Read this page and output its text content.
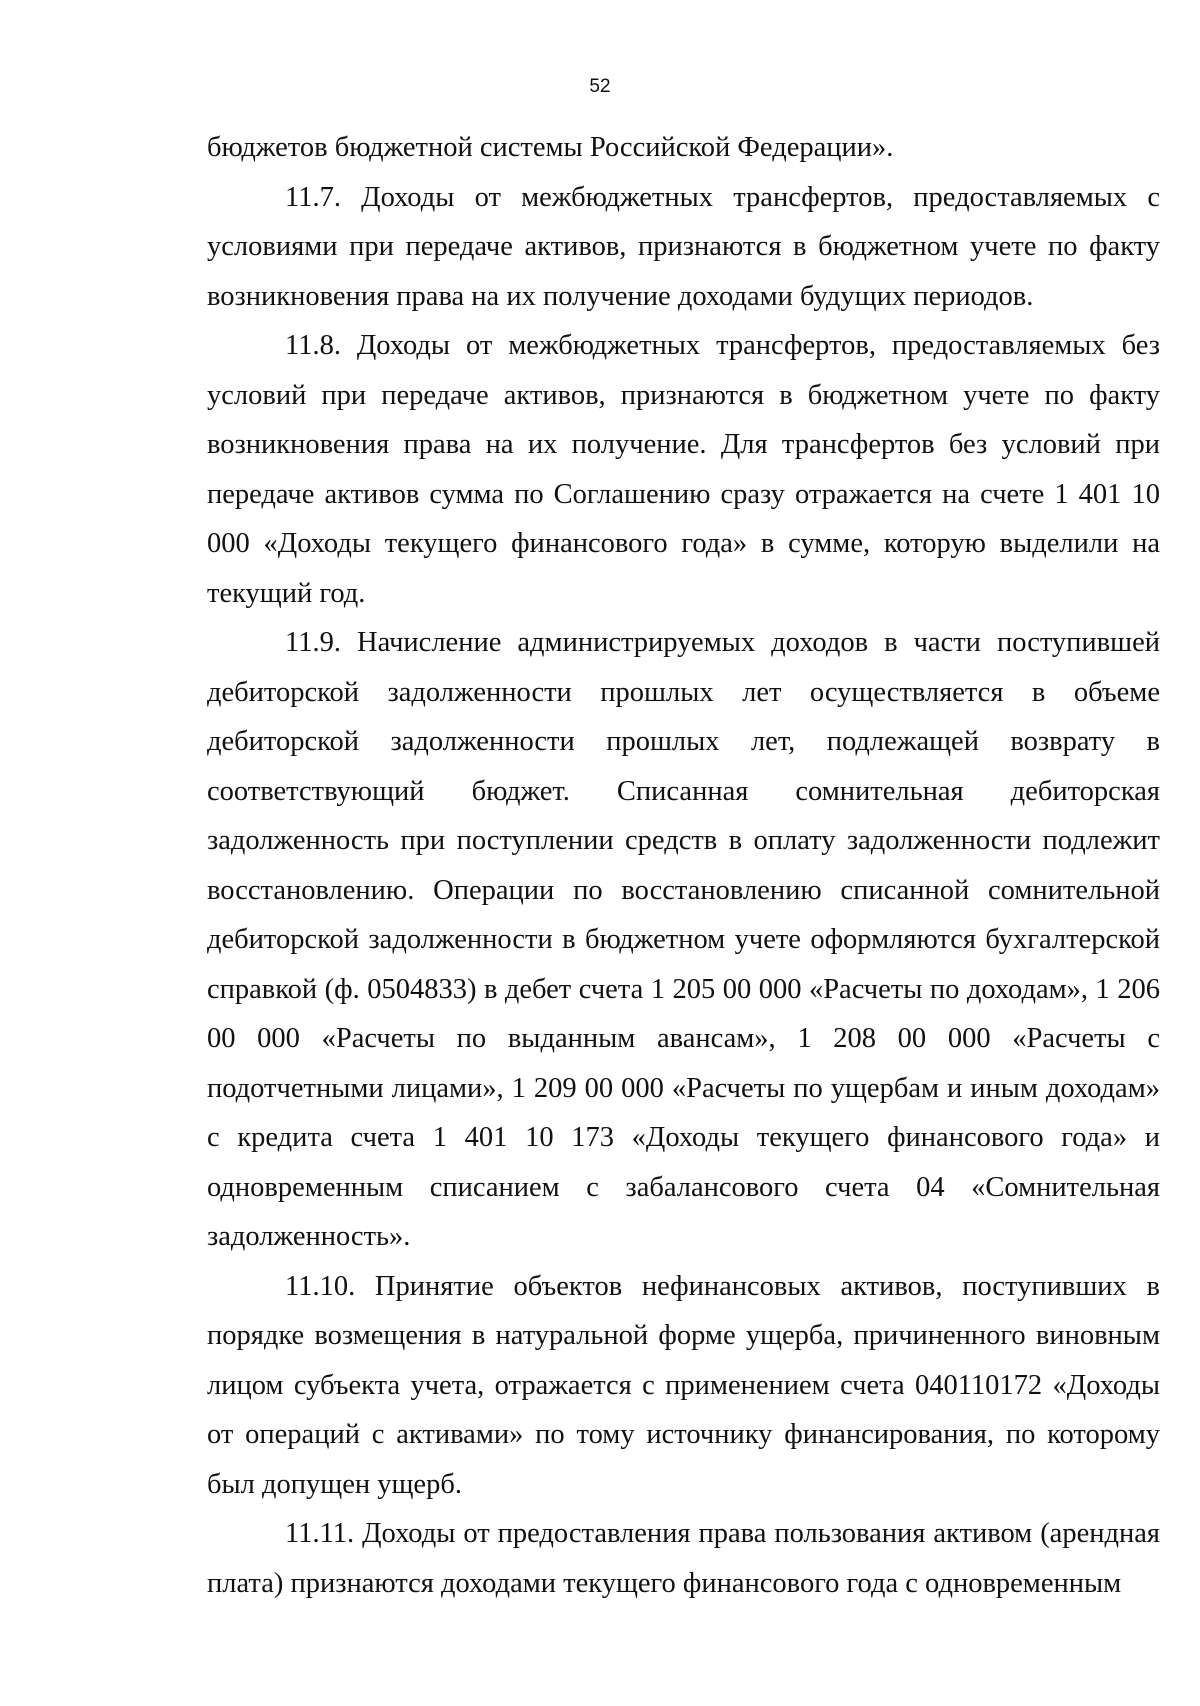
52

бюджетов бюджетной системы Российской Федерации».

11.7. Доходы от межбюджетных трансфертов, предоставляемых с условиями при передаче активов, признаются в бюджетном учете по факту возникновения права на их получение доходами будущих периодов.

11.8. Доходы от межбюджетных трансфертов, предоставляемых без условий при передаче активов, признаются в бюджетном учете по факту возникновения права на их получение. Для трансфертов без условий при передаче активов сумма по Соглашению сразу отражается на счете 1 401 10 000 «Доходы текущего финансового года» в сумме, которую выделили на текущий год.

11.9. Начисление администрируемых доходов в части поступившей дебиторской задолженности прошлых лет осуществляется в объеме дебиторской задолженности прошлых лет, подлежащей возврату в соответствующий бюджет. Списанная сомнительная дебиторская задолженность при поступлении средств в оплату задолженности подлежит восстановлению. Операции по восстановлению списанной сомнительной дебиторской задолженности в бюджетном учете оформляются бухгалтерской справкой (ф. 0504833) в дебет счета 1 205 00 000 «Расчеты по доходам», 1 206 00 000 «Расчеты по выданным авансам», 1 208 00 000 «Расчеты с подотчетными лицами», 1 209 00 000 «Расчеты по ущербам и иным доходам» с кредита счета 1 401 10 173 «Доходы текущего финансового года» и одновременным списанием с забалансового счета 04 «Сомнительная задолженность».

11.10. Принятие объектов нефинансовых активов, поступивших в порядке возмещения в натуральной форме ущерба, причиненного виновным лицом субъекта учета, отражается с применением счета 040110172 «Доходы от операций с активами» по тому источнику финансирования, по которому был допущен ущерб.

11.11. Доходы от предоставления права пользования активом (арендная плата) признаются доходами текущего финансового года с одновременным
